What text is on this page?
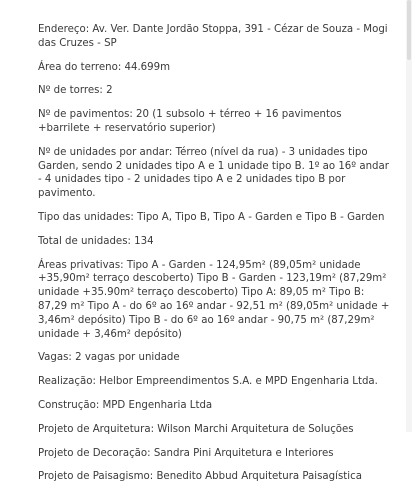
Endereço: Av. Ver. Dante Jordão Stoppa, 391 - Cézar de Souza - Mogi das Cruzes - SP

Área do terreno: 44.699m

Nº de torres: 2

Nº de pavimentos: 20 (1 subsolo + térreo + 16 pavimentos +barrilete + reservatório superior)

Nº de unidades por andar: Térreo (nível da rua) - 3 unidades tipo Garden, sendo 2 unidades tipo A e 1 unidade tipo B. 1º ao 16º andar - 4 unidades tipo - 2 unidades tipo A e 2 unidades tipo B por pavimento.

Tipo das unidades: Tipo A, Tipo B, Tipo A - Garden e Tipo B - Garden

Total de unidades: 134

Áreas privativas: Tipo A - Garden - 124,95m² (89,05m² unidade +35,90m² terraço descoberto) Tipo B - Garden - 123,19m² (87,29m² unidade +35.90m² terraço descoberto) Tipo A: 89,05 m² Tipo B: 87,29 m² Tipo A - do 6º ao 16º andar - 92,51 m² (89,05m² unidade + 3,46m² depósito) Tipo B - do 6º ao 16º andar - 90,75 m² (87,29m² unidade + 3,46m² depósito)

Vagas: 2 vagas por unidade

Realização: Helbor Empreendimentos S.A. e MPD Engenharia Ltda.

Construção: MPD Engenharia Ltda

Projeto de Arquitetura: Wilson Marchi Arquitetura de Soluções

Projeto de Decoração: Sandra Pini Arquitetura e Interiores

Projeto de Paisagismo: Benedito Abbud Arquitetura Paisagística
